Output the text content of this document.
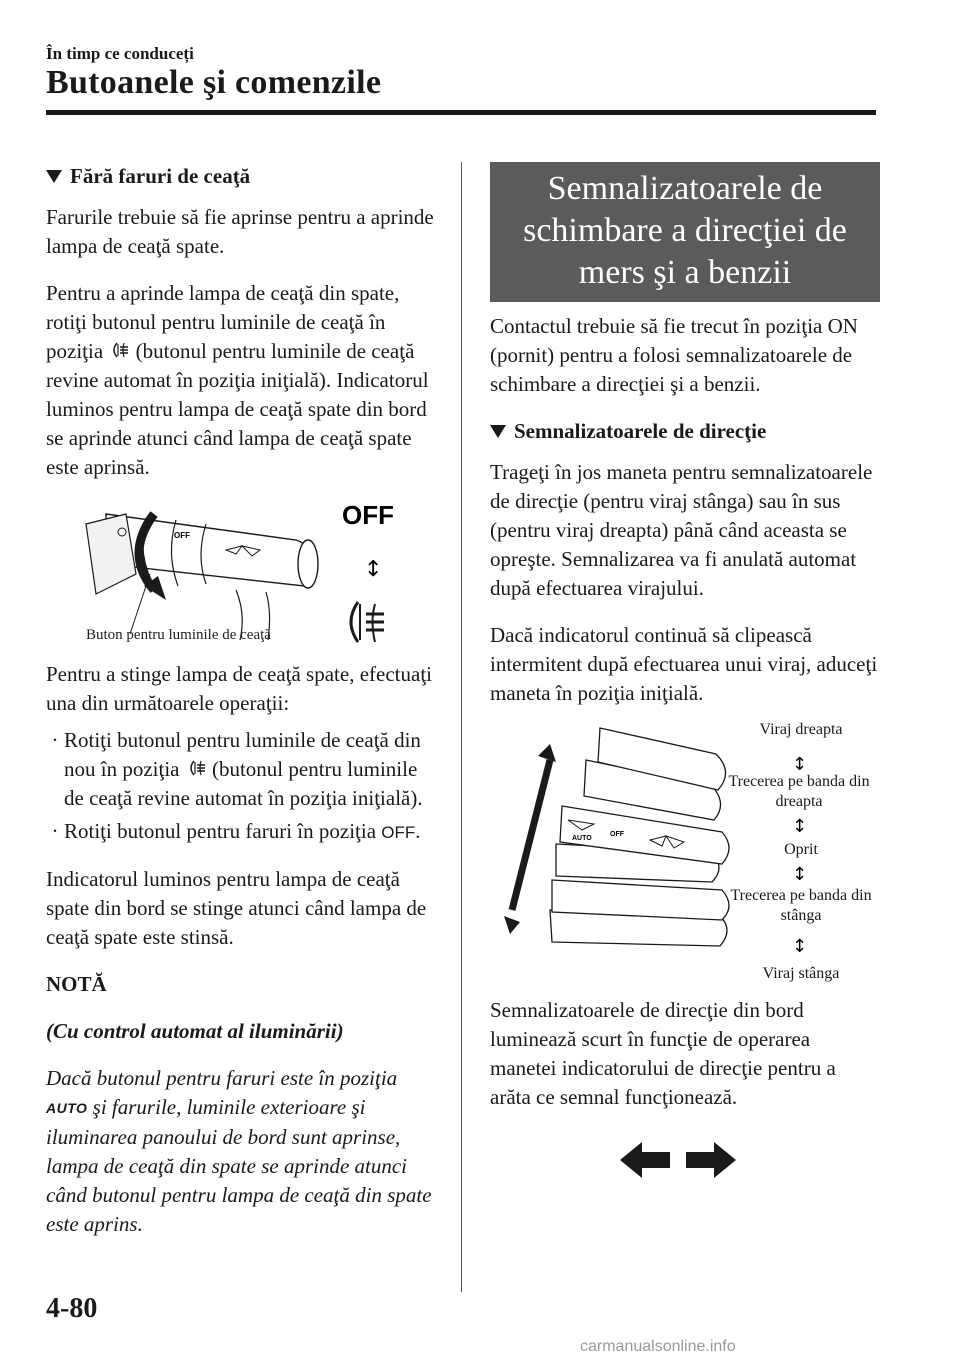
În timp ce conduceți
Butoanele şi comenzile
Fără faruri de ceaţă

Farurile trebuie să fie aprinse pentru a aprinde lampa de ceaţă spate.

Pentru a aprinde lampa de ceaţă din spate, rotiţi butonul pentru luminile de ceaţă în poziţia (butonul pentru luminile de ceaţă revine automat în poziţia iniţială). Indicatorul luminos pentru lampa de ceaţă spate din bord se aprinde atunci când lampa de ceaţă spate este aprinsă.

OFF
OFF
↕
Buton pentru luminile de ceaţă

Pentru a stinge lampa de ceaţă spate, efectuaţi una din următoarele operaţii:

· Rotiţi butonul pentru luminile de ceaţă din nou în poziţia (butonul pentru luminile de ceaţă revine automat în poziţia iniţială).
· Rotiţi butonul pentru faruri în poziţia OFF.

Indicatorul luminos pentru lampa de ceaţă spate din bord se stinge atunci când lampa de ceaţă spate este stinsă.

NOTĂ

(Cu control automat al iluminării)

Dacă butonul pentru faruri este în poziţia AUTO şi farurile, luminile exterioare şi iluminarea panoului de bord sunt aprinse, lampa de ceaţă din spate se aprinde atunci când butonul pentru lampa de ceaţă din spate este aprins.

Semnalizatoarele de schimbare a direcţiei de mers şi a benzii

Contactul trebuie să fie trecut în poziţia ON (pornit) pentru a folosi semnalizatoarele de schimbare a direcţiei şi a benzii.

Semnalizatoarele de direcţie

Trageţi în jos maneta pentru semnalizatoarele de direcţie (pentru viraj stânga) sau în sus (pentru viraj dreapta) până când aceasta se opreşte. Semnalizarea va fi anulată automat după efectuarea virajului.

Dacă indicatorul continuă să clipească intermitent după efectuarea unui viraj, aduceţi maneta în poziţia iniţială.

AUTO
OFF
↕
↕
↕
↕
Viraj dreapta
Trecerea pe banda din dreapta
Oprit
Trecerea pe banda din stânga
Viraj stânga

Semnalizatoarele de direcţie din bord luminează scurt în funcţie de operarea manetei indicatorului de direcţie pentru a arăta ce semnal funcţionează.

4-80
carmanualsonline.info
